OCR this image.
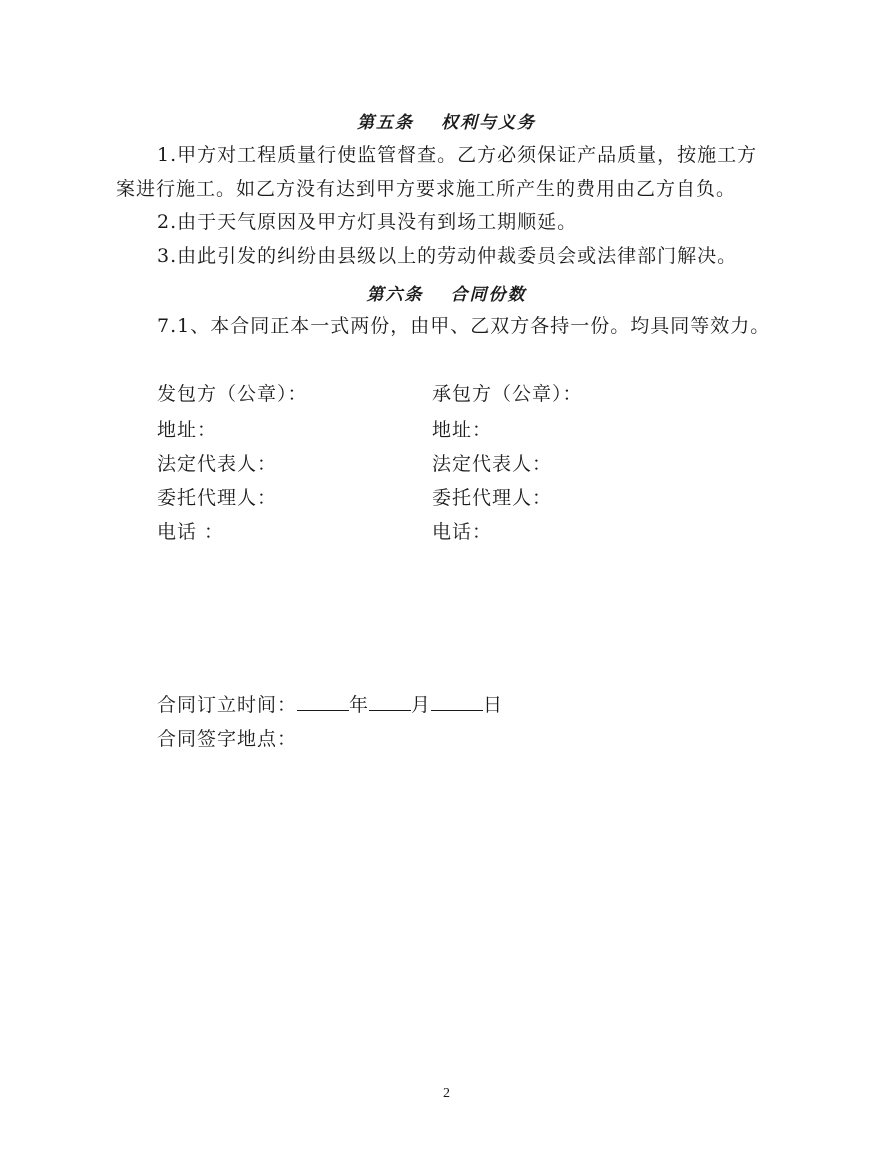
第五条　 权利与义务
1.甲方对工程质量行使监管督查。乙方必须保证产品质量，按施工方
案进行施工。如乙方没有达到甲方要求施工所产生的费用由乙方自负。
2.由于天气原因及甲方灯具没有到场工期顺延。
3.由此引发的纠纷由县级以上的劳动仲裁委员会或法律部门解决。
第六条　 合同份数
7.1、本合同正本一式两份，由甲、乙双方各持一份。均具同等效力。
发包方（公章）：
地址：
法定代表人：
委托代理人：
电话 ：
承包方（公章）：
地址：
法定代表人：
委托代理人：
电话：
合同订立时间：	年 月	日
合同签字地点：
2
